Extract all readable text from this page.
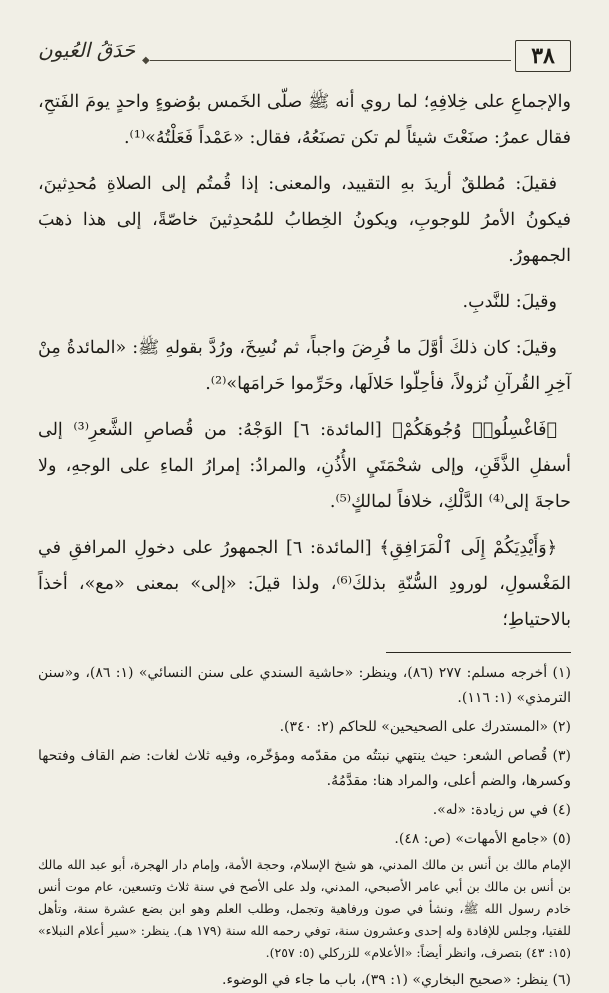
٣٨
◆
حَدَقُ العُيون

والإجماعِ على خِلافِهِ؛ لما روي أنه ﷺ صلّى الخَمس بوُضوءٍ واحدٍ يومَ الفَتحِ، فقال عمرُ: صنَعْتَ شيئاً لم تكن تصنَعُهُ، فقال: «عَمْداً فَعَلْتُهُ»⁽¹⁾.

فقيلَ: مُطلقٌ أريدَ بهِ التقييد، والمعنى: إذا قُمتُم إلى الصلاةِ مُحدِثينَ، فيكونُ الأمرُ للوجوبِ، ويكونُ الخِطابُ للمُحدِثينَ خاصّةً، إلى هذا ذهبَ الجمهورُ.

وقيلَ: للنَّدبِ.

وقيلَ: كان ذلكَ أوَّلَ ما فُرِضَ واجباً، ثم نُسِخَ، ورُدَّ بقولهِ ﷺ: «المائدةُ مِنْ آخِرِ القُرآنِ نُزولاً، فأحِلّوا حَلالَها، وحَرِّموا حَرامَها»⁽²⁾.

﴿فَاغْسِلُوا۟ وُجُوهَكُمْ﴾ [المائدة: ٦] الوَجْهُ: من قُصاصِ الشَّعرِ⁽³⁾ إلى أسفلِ الذَّقَنِ، وإلى شحْمَتَيِ الأُذُنِ، والمرادُ: إمرارُ الماءِ على الوجهِ، ولا حاجةَ إلى⁽⁴⁾ الدَّلْكِ، خلافاً لمالكٍ⁽⁵⁾.

﴿وَأَيْدِيَكُمْ إِلَى ٱلْمَرَافِقِ﴾ [المائدة: ٦] الجمهورُ على دخولِ المرافقِ في المَغْسولِ، لورودِ السُّنّةِ بذلكَ⁽⁶⁾، ولذا قيلَ: «إلى» بمعنى «مع»، أخذاً بالاحتياطِ؛

(١) أخرجه مسلم: ٢٧٧ (٨٦)، وينظر: «حاشية السندي على سنن النسائي» (١: ٨٦)، و«سنن الترمذي» (١: ١١٦).

(٢) «المستدرك على الصحيحين» للحاكم (٢: ٣٤٠).

(٣) قُصاص الشعر: حيث ينتهي نبتتُه من مقدّمه ومؤخّره، وفيه ثلاث لغات: ضم القاف وفتحها وكسرها، والضم أعلى، والمراد هنا: مقدَّمُهُ.

(٤) في س زيادة: «له».

(٥) «جامع الأمهات» (ص: ٤٨).

الإمام مالك بن أنس بن مالك المدني، هو شيخ الإسلام، وحجة الأمة، وإمام دار الهجرة، أبو عبد الله مالك بن أنس بن مالك بن أبي عامر الأصبحي، المدني، ولد على الأصح في سنة ثلاث وتسعين، عام موت أنس خادم رسول الله ﷺ، ونشأ في صون ورفاهية وتجمل، وطلب العلم وهو ابن بضع عشرة سنة، وتأهل للفتيا، وجلس للإفادة وله إحدى وعشرون سنة، توفي رحمه الله سنة (١٧٩ هـ). ينظر: «سير أعلام النبلاء» (١٥: ٤٣) بتصرف، وانظر أيضاً: «الأعلام» للزركلي (٥: ٢٥٧).

(٦) ينظر: «صحيح البخاري» (١: ٣٩)، باب ما جاء في الوضوء.
